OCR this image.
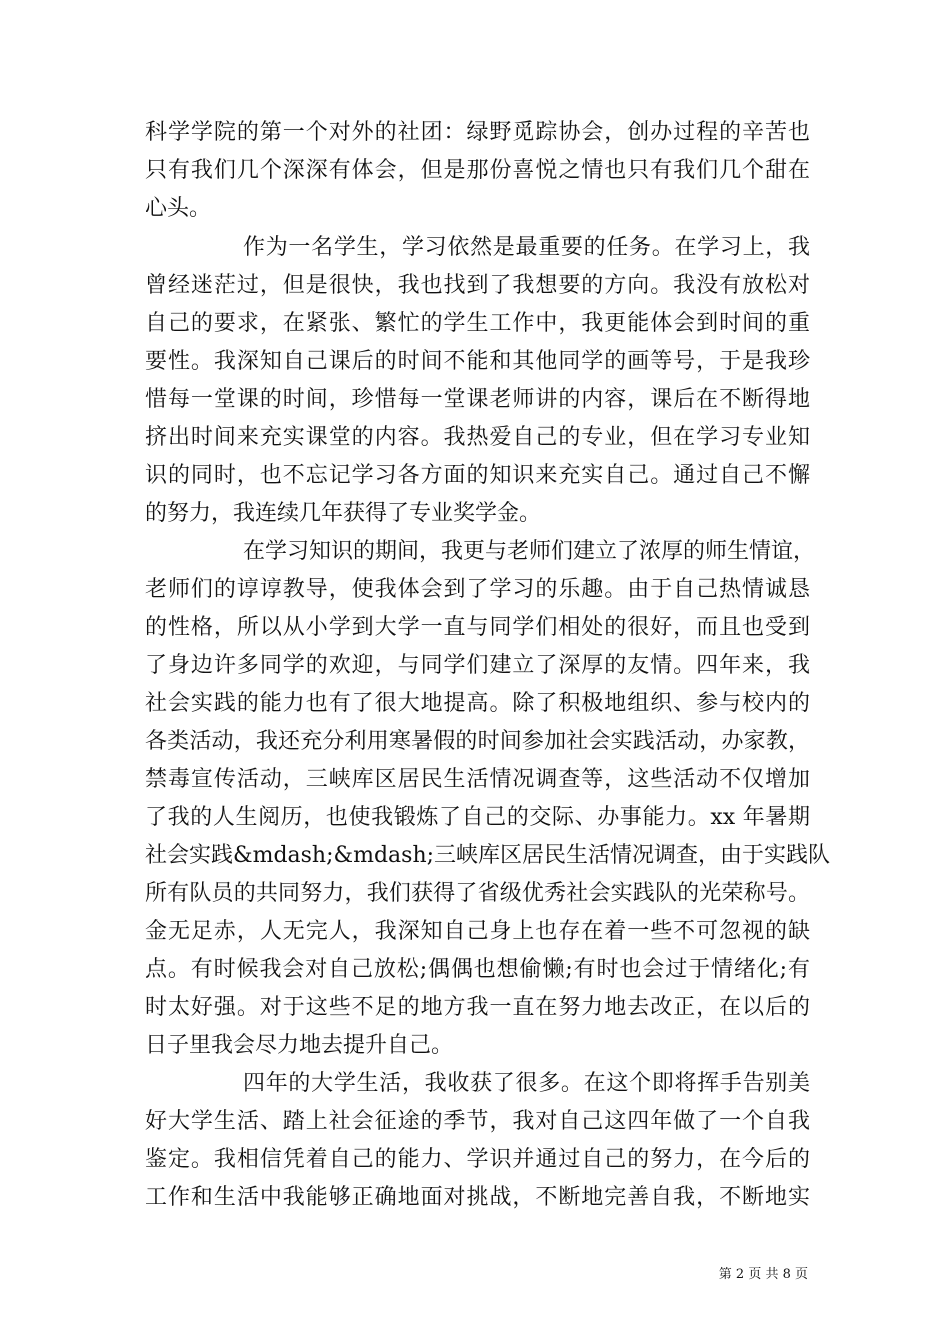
科学学院的第一个对外的社团：绿野觅踪协会，创办过程的辛苦也
只有我们几个深深有体会，但是那份喜悦之情也只有我们几个甜在
心头。
作为一名学生，学习依然是最重要的任务。在学习上，我
曾经迷茫过，但是很快，我也找到了我想要的方向。我没有放松对
自己的要求，在紧张、繁忙的学生工作中，我更能体会到时间的重
要性。我深知自己课后的时间不能和其他同学的画等号，于是我珍
惜每一堂课的时间，珍惜每一堂课老师讲的内容，课后在不断得地
挤出时间来充实课堂的内容。我热爱自己的专业，但在学习专业知
识的同时，也不忘记学习各方面的知识来充实自己。通过自己不懈
的努力，我连续几年获得了专业奖学金。
在学习知识的期间，我更与老师们建立了浓厚的师生情谊，
老师们的谆谆教导，使我体会到了学习的乐趣。由于自己热情诚恳
的性格，所以从小学到大学一直与同学们相处的很好，而且也受到
了身边许多同学的欢迎，与同学们建立了深厚的友情。四年来，我
社会实践的能力也有了很大地提高。除了积极地组织、参与校内的
各类活动，我还充分利用寒暑假的时间参加社会实践活动，办家教，
禁毒宣传活动，三峡库区居民生活情况调查等，这些活动不仅增加
了我的人生阅历，也使我锻炼了自己的交际、办事能力。xx 年暑期
社会实践&mdash;&mdash;三峡库区居民生活情况调查，由于实践队
所有队员的共同努力，我们获得了省级优秀社会实践队的光荣称号。
金无足赤，人无完人，我深知自己身上也存在着一些不可忽视的缺
点。有时候我会对自己放松;偶偶也想偷懒;有时也会过于情绪化;有
时太好强。对于这些不足的地方我一直在努力地去改正，在以后的
日子里我会尽力地去提升自己。
四年的大学生活，我收获了很多。在这个即将挥手告别美
好大学生活、踏上社会征途的季节，我对自己这四年做了一个自我
鉴定。我相信凭着自己的能力、学识并通过自己的努力，在今后的
工作和生活中我能够正确地面对挑战，不断地完善自我，不断地实
第 2 页 共 8 页
